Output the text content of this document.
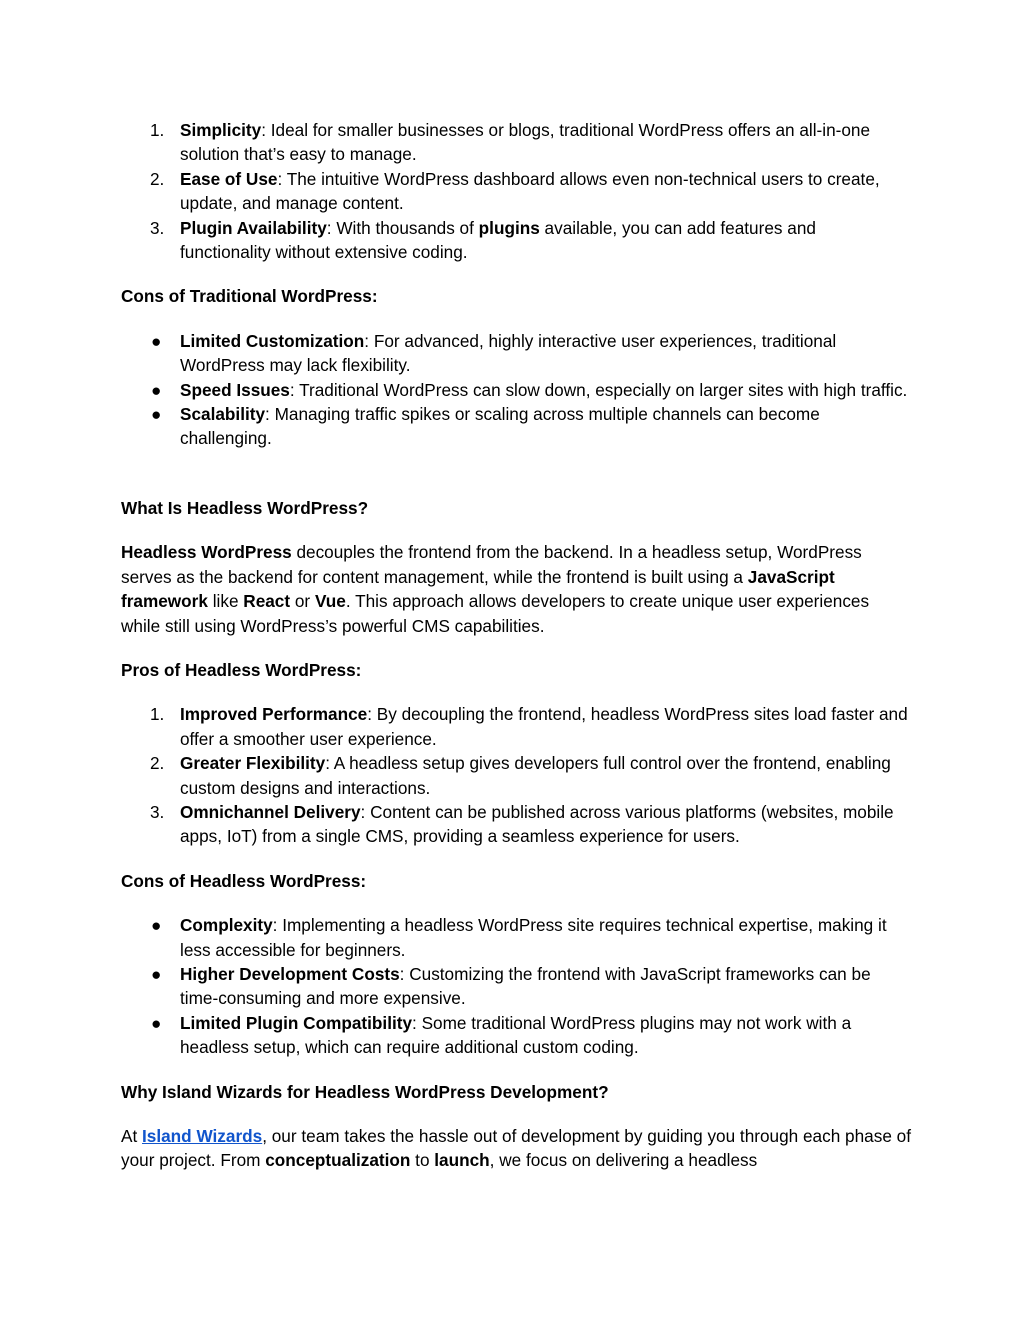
1. Simplicity: Ideal for smaller businesses or blogs, traditional WordPress offers an all-in-one solution that’s easy to manage.
2. Ease of Use: The intuitive WordPress dashboard allows even non-technical users to create, update, and manage content.
3. Plugin Availability: With thousands of plugins available, you can add features and functionality without extensive coding.

Cons of Traditional WordPress:

● Limited Customization: For advanced, highly interactive user experiences, traditional WordPress may lack flexibility.
● Speed Issues: Traditional WordPress can slow down, especially on larger sites with high traffic.
● Scalability: Managing traffic spikes or scaling across multiple channels can become challenging.

What Is Headless WordPress?

Headless WordPress decouples the frontend from the backend. In a headless setup, WordPress serves as the backend for content management, while the frontend is built using a JavaScript framework like React or Vue. This approach allows developers to create unique user experiences while still using WordPress’s powerful CMS capabilities.

Pros of Headless WordPress:

1. Improved Performance: By decoupling the frontend, headless WordPress sites load faster and offer a smoother user experience.
2. Greater Flexibility: A headless setup gives developers full control over the frontend, enabling custom designs and interactions.
3. Omnichannel Delivery: Content can be published across various platforms (websites, mobile apps, IoT) from a single CMS, providing a seamless experience for users.

Cons of Headless WordPress:

● Complexity: Implementing a headless WordPress site requires technical expertise, making it less accessible for beginners.
● Higher Development Costs: Customizing the frontend with JavaScript frameworks can be time-consuming and more expensive.
● Limited Plugin Compatibility: Some traditional WordPress plugins may not work with a headless setup, which can require additional custom coding.

Why Island Wizards for Headless WordPress Development?

At Island Wizards, our team takes the hassle out of development by guiding you through each phase of your project. From conceptualization to launch, we focus on delivering a headless
